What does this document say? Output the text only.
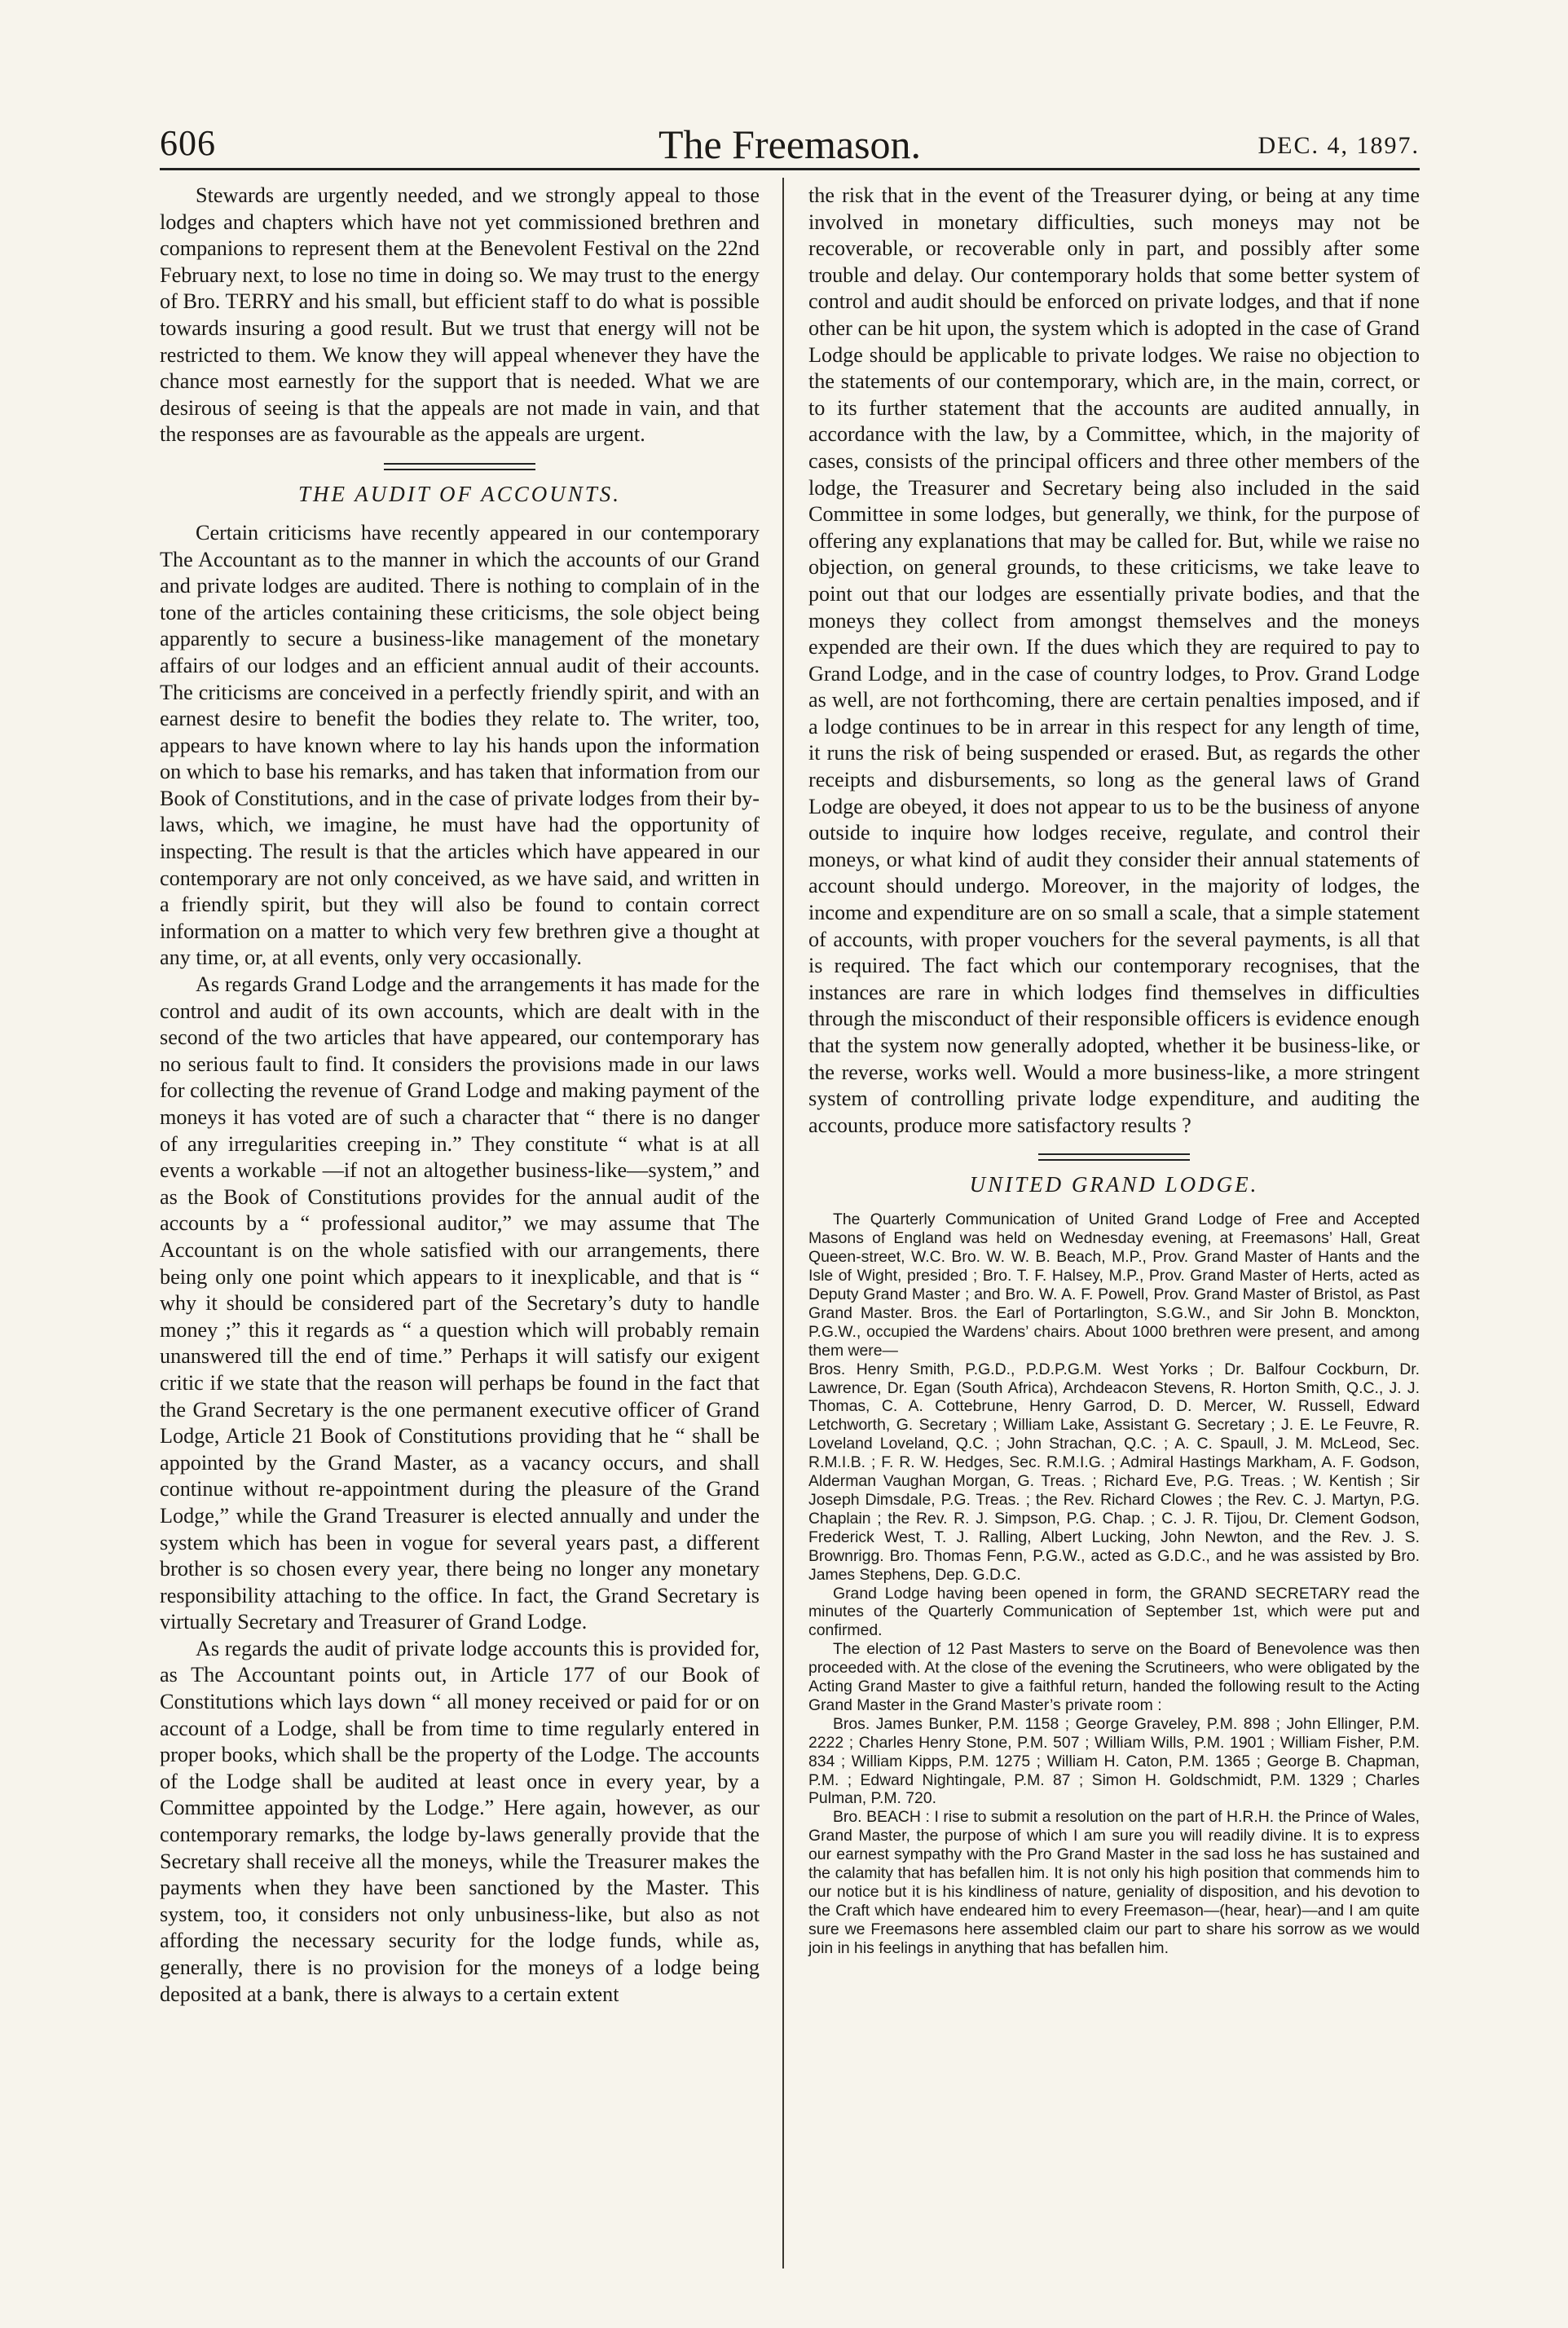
606	The Freemason.	DEC. 4, 1897.

Stewards are urgently needed, and we strongly appeal to those lodges and chapters which have not yet commissioned brethren and companions to represent them at the Benevolent Festival on the 22nd February next, to lose no time in doing so. We may trust to the energy of Bro. TERRY and his small, but efficient staff to do what is possible towards insuring a good result. But we trust that energy will not be restricted to them. We know they will appeal whenever they have the chance most earnestly for the support that is needed. What we are desirous of seeing is that the appeals are not made in vain, and that the responses are as favourable as the appeals are urgent.

THE AUDIT OF ACCOUNTS.

Certain criticisms have recently appeared in our contemporary The Accountant as to the manner in which the accounts of our Grand and private lodges are audited. There is nothing to complain of in the tone of the articles containing these criticisms, the sole object being apparently to secure a business-like management of the monetary affairs of our lodges and an efficient annual audit of their accounts. The criticisms are conceived in a perfectly friendly spirit, and with an earnest desire to benefit the bodies they relate to. The writer, too, appears to have known where to lay his hands upon the information on which to base his remarks, and has taken that information from our Book of Constitutions, and in the case of private lodges from their by-laws, which, we imagine, he must have had the opportunity of inspecting. The result is that the articles which have appeared in our contemporary are not only conceived, as we have said, and written in a friendly spirit, but they will also be found to contain correct information on a matter to which very few brethren give a thought at any time, or, at all events, only very occasionally.

As regards Grand Lodge and the arrangements it has made for the control and audit of its own accounts, which are dealt with in the second of the two articles that have appeared, our contemporary has no serious fault to find. It considers the provisions made in our laws for collecting the revenue of Grand Lodge and making payment of the moneys it has voted are of such a character that “ there is no danger of any irregularities creeping in.” They constitute “ what is at all events a workable —if not an altogether business-like—system,” and as the Book of Constitutions provides for the annual audit of the accounts by a “ professional auditor,” we may assume that The Accountant is on the whole satisfied with our arrangements, there being only one point which appears to it inexplicable, and that is “ why it should be considered part of the Secretary’s duty to handle money ;” this it regards as “ a question which will probably remain unanswered till the end of time.” Perhaps it will satisfy our exigent critic if we state that the reason will perhaps be found in the fact that the Grand Secretary is the one permanent executive officer of Grand Lodge, Article 21 Book of Constitutions providing that he “ shall be appointed by the Grand Master, as a vacancy occurs, and shall continue without re-appointment during the pleasure of the Grand Lodge,” while the Grand Treasurer is elected annually and under the system which has been in vogue for several years past, a different brother is so chosen every year, there being no longer any monetary responsibility attaching to the office. In fact, the Grand Secretary is virtually Secretary and Treasurer of Grand Lodge.

As regards the audit of private lodge accounts this is provided for, as The Accountant points out, in Article 177 of our Book of Constitutions which lays down “ all money received or paid for or on account of a Lodge, shall be from time to time regularly entered in proper books, which shall be the property of the Lodge. The accounts of the Lodge shall be audited at least once in every year, by a Committee appointed by the Lodge.” Here again, however, as our contemporary remarks, the lodge by-laws generally provide that the Secretary shall receive all the moneys, while the Treasurer makes the payments when they have been sanctioned by the Master. This system, too, it considers not only unbusiness-like, but also as not affording the necessary security for the lodge funds, while as, generally, there is no provision for the moneys of a lodge being deposited at a bank, there is always to a certain extent

the risk that in the event of the Treasurer dying, or being at any time involved in monetary difficulties, such moneys may not be recoverable, or recoverable only in part, and possibly after some trouble and delay. Our contemporary holds that some better system of control and audit should be enforced on private lodges, and that if none other can be hit upon, the system which is adopted in the case of Grand Lodge should be applicable to private lodges. We raise no objection to the statements of our contemporary, which are, in the main, correct, or to its further statement that the accounts are audited annually, in accordance with the law, by a Committee, which, in the majority of cases, consists of the principal officers and three other members of the lodge, the Treasurer and Secretary being also included in the said Committee in some lodges, but generally, we think, for the purpose of offering any explanations that may be called for. But, while we raise no objection, on general grounds, to these criticisms, we take leave to point out that our lodges are essentially private bodies, and that the moneys they collect from amongst themselves and the moneys expended are their own. If the dues which they are required to pay to Grand Lodge, and in the case of country lodges, to Prov. Grand Lodge as well, are not forthcoming, there are certain penalties imposed, and if a lodge continues to be in arrear in this respect for any length of time, it runs the risk of being suspended or erased. But, as regards the other receipts and disbursements, so long as the general laws of Grand Lodge are obeyed, it does not appear to us to be the business of anyone outside to inquire how lodges receive, regulate, and control their moneys, or what kind of audit they consider their annual statements of account should undergo. Moreover, in the majority of lodges, the income and expenditure are on so small a scale, that a simple statement of accounts, with proper vouchers for the several payments, is all that is required. The fact which our contemporary recognises, that the instances are rare in which lodges find themselves in difficulties through the misconduct of their responsible officers is evidence enough that the system now generally adopted, whether it be business-like, or the reverse, works well. Would a more business-like, a more stringent system of controlling private lodge expenditure, and auditing the accounts, produce more satisfactory results ?

UNITED GRAND LODGE.

The Quarterly Communication of United Grand Lodge of Free and Accepted Masons of England was held on Wednesday evening, at Freemasons’ Hall, Great Queen-street, W.C. Bro. W. W. B. Beach, M.P., Prov. Grand Master of Hants and the Isle of Wight, presided ; Bro. T. F. Halsey, M.P., Prov. Grand Master of Herts, acted as Deputy Grand Master ; and Bro. W. A. F. Powell, Prov. Grand Master of Bristol, as Past Grand Master. Bros. the Earl of Portarlington, S.G.W., and Sir John B. Monckton, P.G.W., occupied the Wardens’ chairs. About 1000 brethren were present, and among them were—

Bros. Henry Smith, P.G.D., P.D.P.G.M. West Yorks ; Dr. Balfour Cockburn, Dr. Lawrence, Dr. Egan (South Africa), Archdeacon Stevens, R. Horton Smith, Q.C., J. J. Thomas, C. A. Cottebrune, Henry Garrod, D. D. Mercer, W. Russell, Edward Letchworth, G. Secretary ; William Lake, Assistant G. Secretary ; J. E. Le Feuvre, R. Loveland Loveland, Q.C. ; John Strachan, Q.C. ; A. C. Spaull, J. M. McLeod, Sec. R.M.I.B. ; F. R. W. Hedges, Sec. R.M.I.G. ; Admiral Hastings Markham, A. F. Godson, Alderman Vaughan Morgan, G. Treas. ; Richard Eve, P.G. Treas. ; W. Kentish ; Sir Joseph Dimsdale, P.G. Treas. ; the Rev. Richard Clowes ; the Rev. C. J. Martyn, P.G. Chaplain ; the Rev. R. J. Simpson, P.G. Chap. ; C. J. R. Tijou, Dr. Clement Godson, Frederick West, T. J. Ralling, Albert Lucking, John Newton, and the Rev. J. S. Brownrigg. Bro. Thomas Fenn, P.G.W., acted as G.D.C., and he was assisted by Bro. James Stephens, Dep. G.D.C.

Grand Lodge having been opened in form, the GRAND SECRETARY read the minutes of the Quarterly Communication of September 1st, which were put and confirmed.

The election of 12 Past Masters to serve on the Board of Benevolence was then proceeded with. At the close of the evening the Scrutineers, who were obligated by the Acting Grand Master to give a faithful return, handed the following result to the Acting Grand Master in the Grand Master’s private room :

Bros. James Bunker, P.M. 1158 ; George Graveley, P.M. 898 ; John Ellinger, P.M. 2222 ; Charles Henry Stone, P.M. 507 ; William Wills, P.M. 1901 ; William Fisher, P.M. 834 ; William Kipps, P.M. 1275 ; William H. Caton, P.M. 1365 ; George B. Chapman, P.M. ; Edward Nightingale, P.M. 87 ; Simon H. Goldschmidt, P.M. 1329 ; Charles Pulman, P.M. 720.

Bro. BEACH : I rise to submit a resolution on the part of H.R.H. the Prince of Wales, Grand Master, the purpose of which I am sure you will readily divine. It is to express our earnest sympathy with the Pro Grand Master in the sad loss he has sustained and the calamity that has befallen him. It is not only his high position that commends him to our notice but it is his kindliness of nature, geniality of disposition, and his devotion to the Craft which have endeared him to every Freemason—(hear, hear)—and I am quite sure we Freemasons here assembled claim our part to share his sorrow as we would join in his feelings in anything that has befallen him.
